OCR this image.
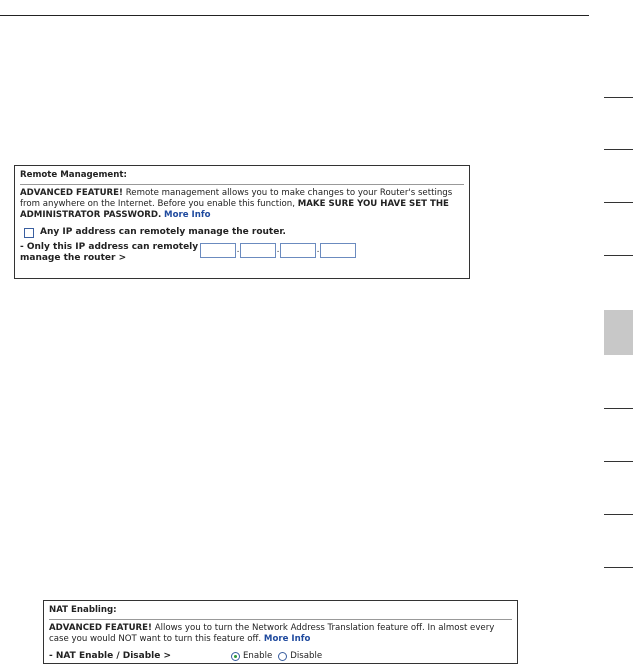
Remote Management:
ADVANCED FEATURE! Remote management allows you to make changes to your Router's settings from anywhere on the Internet. Before you enable this function, MAKE SURE YOU HAVE SET THE ADMINISTRATOR PASSWORD. More Info
Any IP address can remotely manage the router.
- Only this IP address can remotely manage the router >
.	.	.
NAT Enabling:
ADVANCED FEATURE! Allows you to turn the Network Address Translation feature off. In almost every case you would NOT want to turn this feature off. More Info
- NAT Enable / Disable >	Enable Disable
